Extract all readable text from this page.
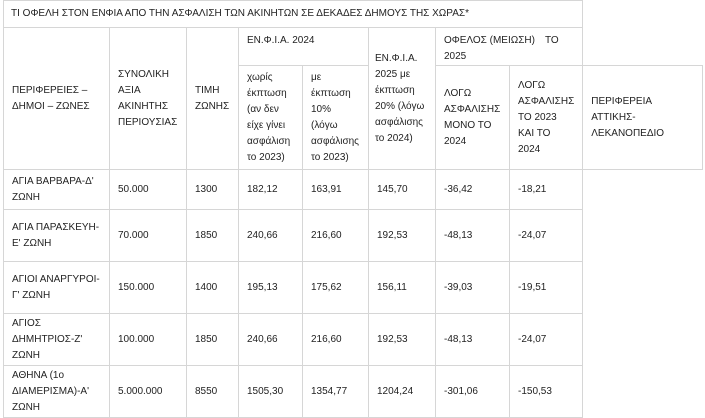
ΤΙ ΟΦΕΛΗ ΣΤΟΝ ΕΝΦΙΑ ΑΠΟ ΤΗΝ ΑΣΦΑΛΙΣΗ ΤΩΝ ΑΚΙΝΗΤΩΝ ΣΕ ΔΕΚΑΔΕΣ ΔΗΜΟΥΣ ΤΗΣ ΧΩΡΑΣ*								
ΠΕΡΙΦΕΡΕΙΕΣ – ΔΗΜΟΙ – ΖΩΝΕΣ	ΣΥΝΟΛΙΚΗ ΑΞΙΑ ΑΚΙΝΗΤΗΣ ΠΕΡΙΟΥΣΙΑΣ	ΤΙΜΗ ΖΩΝΗΣ	ΕΝ.Φ.Ι.Α. 2024		ΕΝ.Φ.Ι.Α. 2025 με έκπτωση 20% (λόγω ασφάλισης το 2024)	ΟΦΕΛΟΣ (ΜΕΙΩΣΗ) ΤΟ
2025		
			χωρίς έκπτωση (αν δεν είχε γίνει ασφάλιση το 2023)	με έκπτωση 10% (λόγω ασφάλισης το 2023)		ΛΟΓΩ ΑΣΦΑΛΙΣΗΣ ΜΟΝΟ ΤΟ 2024	ΛΟΓΩ ΑΣΦΑΛΙΣΗΣ ΤΟ 2023 ΚΑΙ ΤΟ 2024	ΠΕΡΙΦΕΡΕΙΑ ΑΤΤΙΚΗΣ-ΛΕΚΑΝΟΠΕΔΙΟ
ΑΓΙΑ ΒΑΡΒΑΡΑ-Δ' ΖΩΝΗ	50.000	1300	182,12	163,91	145,70	-36,42	-18,21	
ΑΓΙΑ ΠΑΡΑΣΚΕΥΗ-Ε' ΖΩΝΗ	70.000	1850	240,66	216,60	192,53	-48,13	-24,07	
ΑΓΙΟΙ ΑΝΑΡΓΥΡΟΙ-Γ' ΖΩΝΗ	150.000	1400	195,13	175,62	156,11	-39,03	-19,51	
ΑΓΙΟΣ ΔΗΜΗΤΡΙΟΣ-Ζ' ΖΩΝΗ	100.000	1850	240,66	216,60	192,53	-48,13	-24,07	
ΑΘΗΝΑ (1ο ΔΙΑΜΕΡΙΣΜΑ)-Α' ΖΩΝΗ	5.000.000	8550	1505,30	1354,77	1204,24	-301,06	-150,53	
